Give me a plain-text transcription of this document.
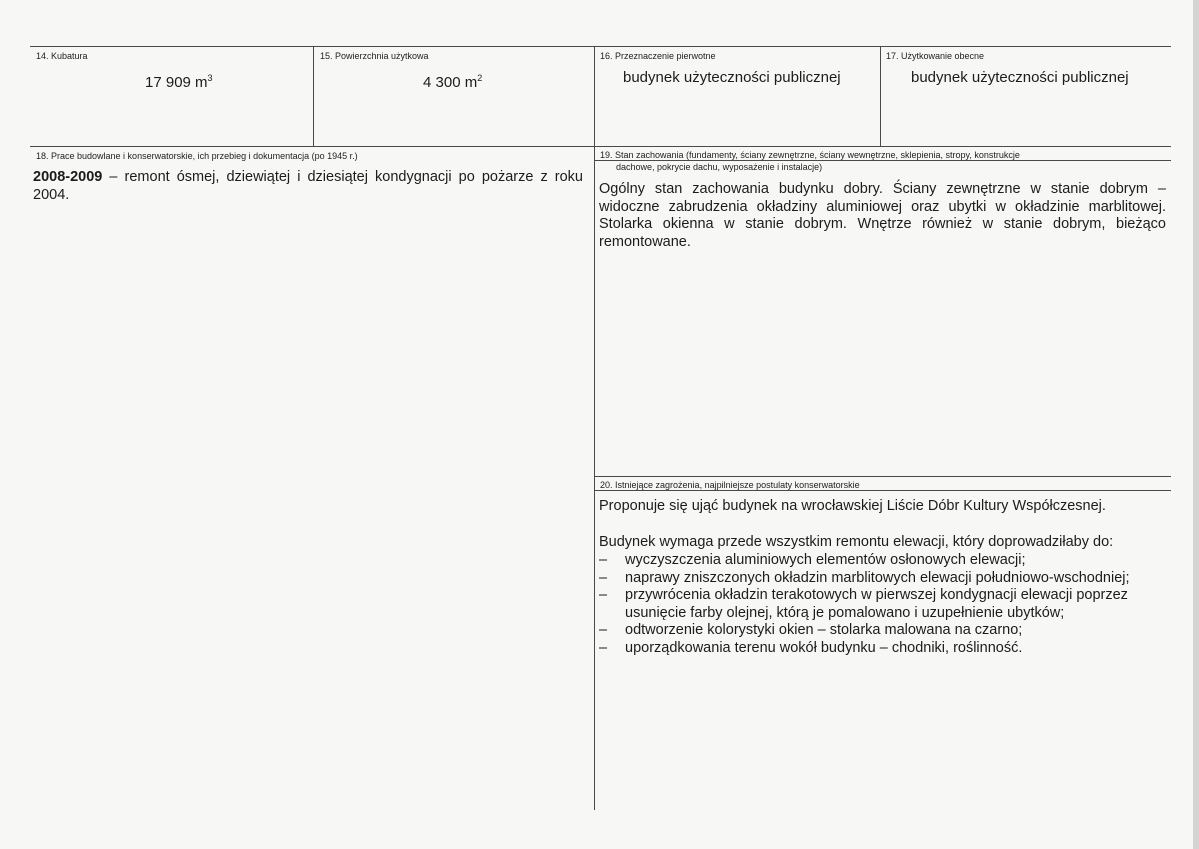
14. Kubatura
17 909 $m^3$
15. Powierzchnia użytkowa
4 300 $m^2$
16. Przeznaczenie pierwotne
budynek użyteczności publicznej
17. Użytkowanie obecne
budynek użyteczności publicznej
18. Prace budowlane i konserwatorskie, ich przebieg i dokumentacja (po 1945 r.)
2008-2009 – remont ósmej, dziewiątej i dziesiątej kondygnacji po pożarze z roku 2004.
19. Stan zachowania (fundamenty, ściany zewnętrzne, ściany wewnętrzne, sklepienia, stropy, konstrukcje
dachowe, pokrycie dachu, wyposażenie i instalacje)
Ogólny stan zachowania budynku dobry. Ściany zewnętrzne w stanie dobrym – widoczne zabrudzenia okładziny aluminiowej oraz ubytki w okładzinie marblitowej. Stolarka okienna w stanie dobrym. Wnętrze również w stanie dobrym, bieżąco remontowane.
20. Istniejące zagrożenia, najpilniejsze postulaty konserwatorskie
Proponuje się ująć budynek na wrocławskiej Liście Dóbr Kultury Współczesnej.
Budynek wymaga przede wszystkim remontu elewacji, który doprowadziłaby do:
– wyczyszczenia aluminiowych elementów osłonowych elewacji;
– naprawy zniszczonych okładzin marblitowych elewacji południowo-wschodniej;
– przywrócenia okładzin terakotowych w pierwszej kondygnacji elewacji poprzez usunięcie farby olejnej, którą je pomalowano i uzupełnienie ubytków;
– odtworzenie kolorystyki okien – stolarka malowana na czarno;
– uporządkowania terenu wokół budynku – chodniki, roślinność.
